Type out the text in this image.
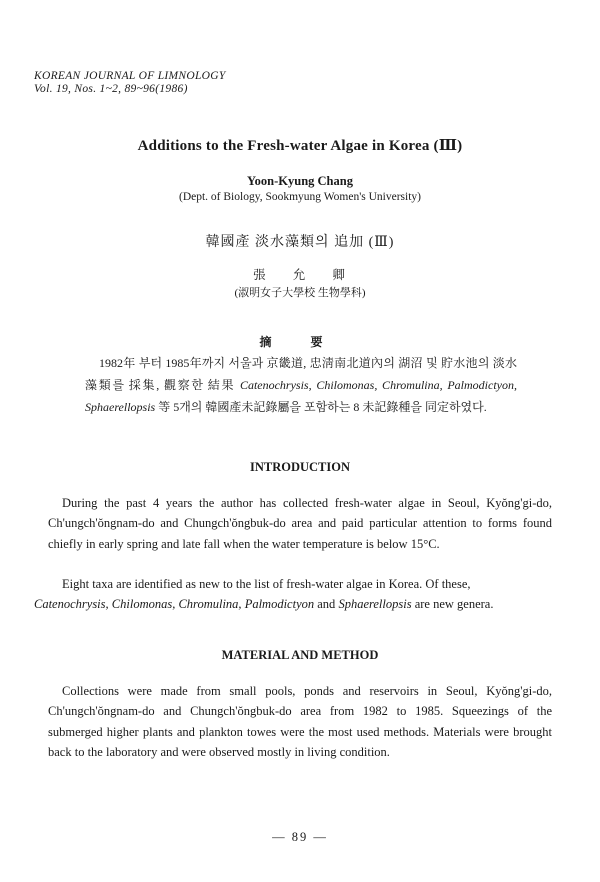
KOREAN JOURNAL OF LIMNOLOGY
Vol. 19, Nos. 1~2, 89~96(1986)
Additions to the Fresh-water Algae in Korea (Ⅲ)
Yoon-Kyung Chang
(Dept. of Biology, Sookmyung Women's University)
韓國產 淡水藻類의 追加 (Ⅲ)
張 允 卿
(淑明女子大學校 生物學科)
摘 要
1982年 부터 1985年까지 서울과 京畿道, 忠淸南北道內의 湖沼 및 貯水池의 淡水藻類를 採集, 觀察한 結果 Catenochrysis, Chilomonas, Chromulina, Palmodictyon, Sphaerellopsis 等 5개의 韓國產未記錄屬을 포함하는 8 未記錄種을 同定하였다.
INTRODUCTION
During the past 4 years the author has collected fresh-water algae in Seoul, Kyŏng'gi-do, Ch'ungch'ŏngnam-do and Chungch'ŏngbuk-do area and paid particular attention to forms found chiefly in early spring and late fall when the water temperature is below 15°C.
Eight taxa are identified as new to the list of fresh-water algae in Korea. Of these,
Catenochrysis, Chilomonas, Chromulina, Palmodictyon and Sphaerellopsis are new genera.
MATERIAL AND METHOD
Collections were made from small pools, ponds and reservoirs in Seoul, Kyŏng'gi-do, Ch'ungch'ŏngnam-do and Chungch'ŏngbuk-do area from 1982 to 1985. Squeezings of the submerged higher plants and plankton towes were the most used methods. Materials were brought back to the laboratory and were observed mostly in living condition.
— 89 —
